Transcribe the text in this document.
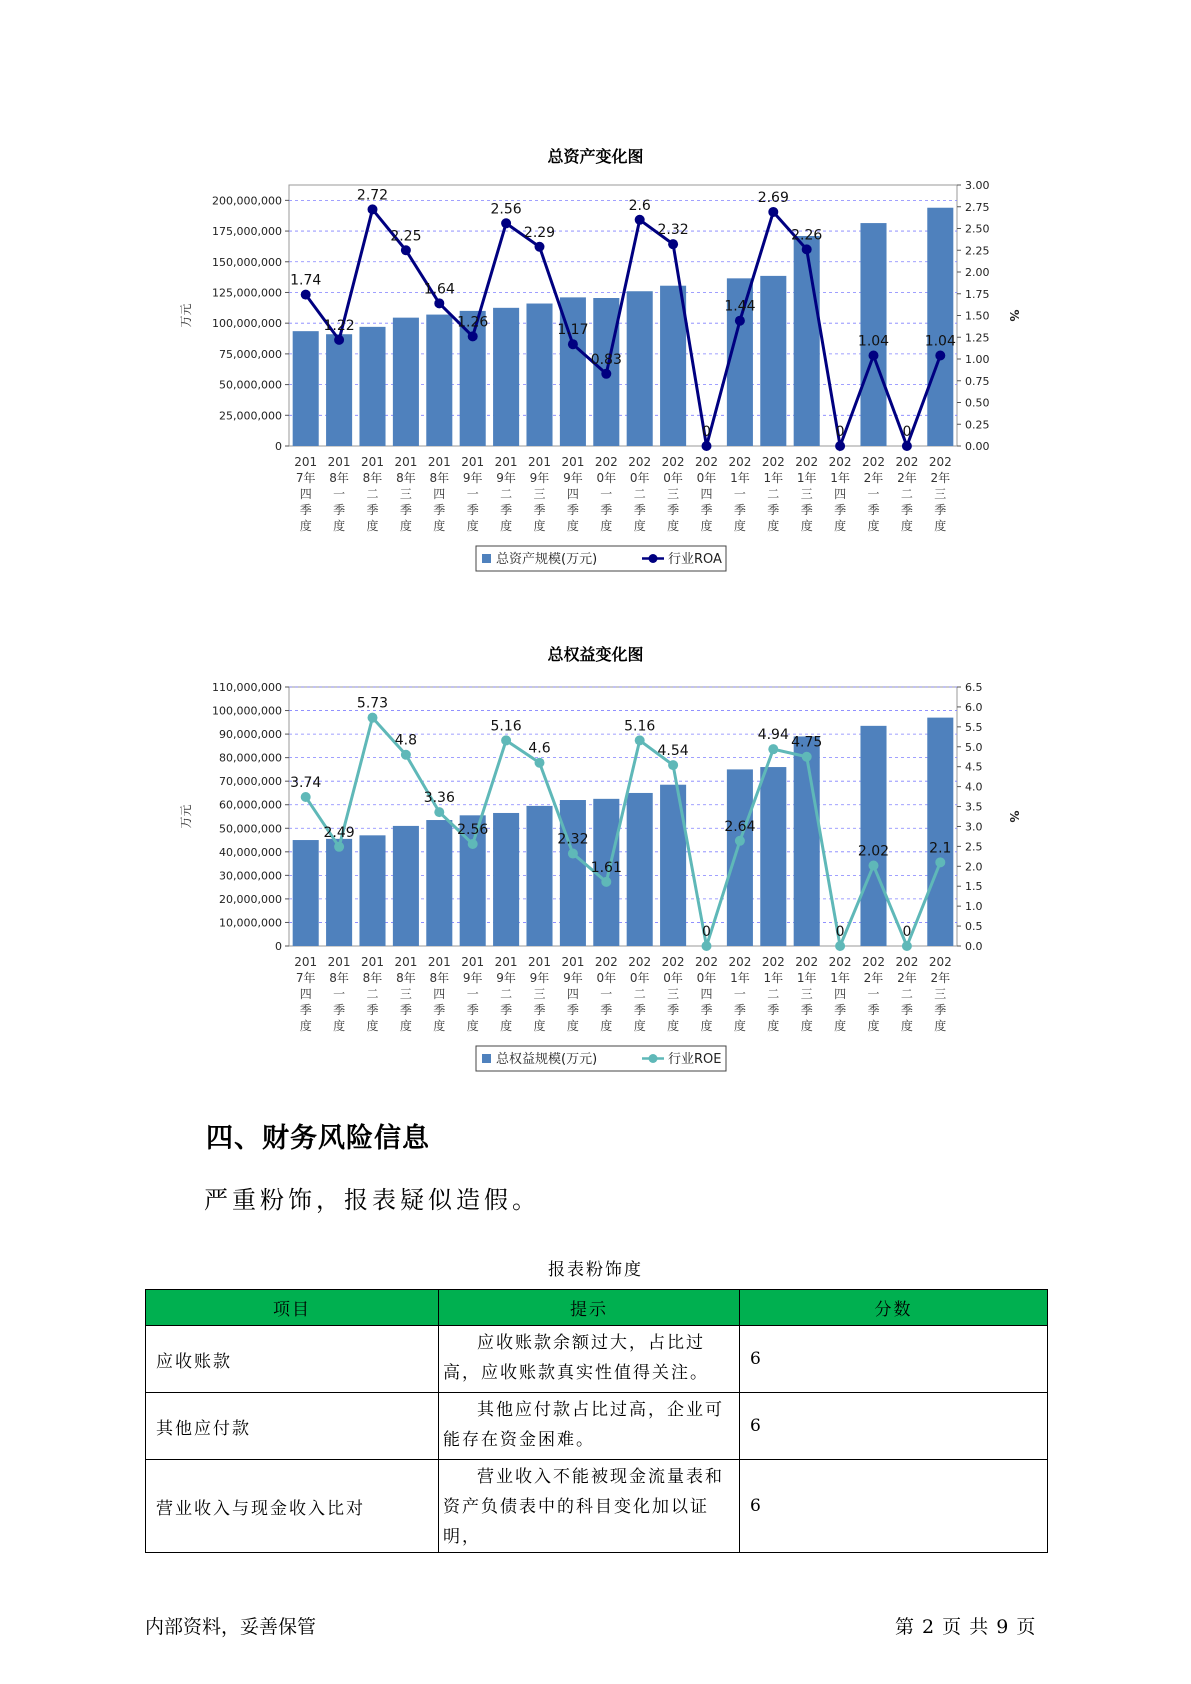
总资产变化图
0
25,000,000
50,000,000
75,000,000
100,000,000
125,000,000
150,000,000
175,000,000
200,000,000
0.00
0.25
0.50
0.75
1.00
1.25
1.50
1.75
2.00
2.25
2.50
2.75
3.00
万元	%
1.74
1.22
2.72
2.25
1.64
1.26
2.56
2.29
1.17
0.83
2.6
2.32
0
1.44
2.69
2.26
0
1.04
0
1.04
201
7年
四
季
度
201
8年
一
季
度
201
8年
二
季
度
201
8年
三
季
度
201
8年
四
季
度
201
9年
一
季
度
201
9年
二
季
度
201
9年
三
季
度
201
9年
四
季
度
202
0年
一
季
度
202
0年
二
季
度
202
0年
三
季
度
202
0年
四
季
度
202
1年
一
季
度
202
1年
二
季
度
202
1年
三
季
度
202
1年
四
季
度
202
2年
一
季
度
202
2年
二
季
度
202
2年
三
季
度
总资产规模(万元)	行业ROA
总权益变化图
0
10,000,000
20,000,000
30,000,000
40,000,000
50,000,000
60,000,000
70,000,000
80,000,000
90,000,000
100,000,000
110,000,000
0.0
0.5
1.0
1.5
2.0
2.5
3.0
3.5
4.0
4.5
5.0
5.5
6.0
6.5
万元	%
3.74
2.49
5.73
4.8
3.36
2.56
5.16
4.6
2.32
1.61
5.16
4.54
0
2.64
4.94 4.75
0
2.02
0
2.1
201
7年
四
季
度
201
8年
一
季
度
201
8年
二
季
度
201
8年
三
季
度
201
8年
四
季
度
201
9年
一
季
度
201
9年
二
季
度
201
9年
三
季
度
201
9年
四
季
度
202
0年
一
季
度
202
0年
二
季
度
202
0年
三
季
度
202
0年
四
季
度
202
1年
一
季
度
202
1年
二
季
度
202
1年
三
季
度
202
1年
四
季
度
202
2年
一
季
度
202
2年
二
季
度
202
2年
三
季
度
总权益规模(万元)	行业ROE
四、财务风险信息
严重粉饰，报表疑似造假。
报表粉饰度
项目	提示	分数
应收账款	应收账款余额过大，占比过高，应收账款真实性值得关注。	6
其他应付款	其他应付款占比过高，企业可能存在资金困难。	6
营业收入与现金收入比对	营业收入不能被现金流量表和资产负债表中的科目变化加以证明，	6
内部资料，妥善保管	第 2 页 共 9 页
